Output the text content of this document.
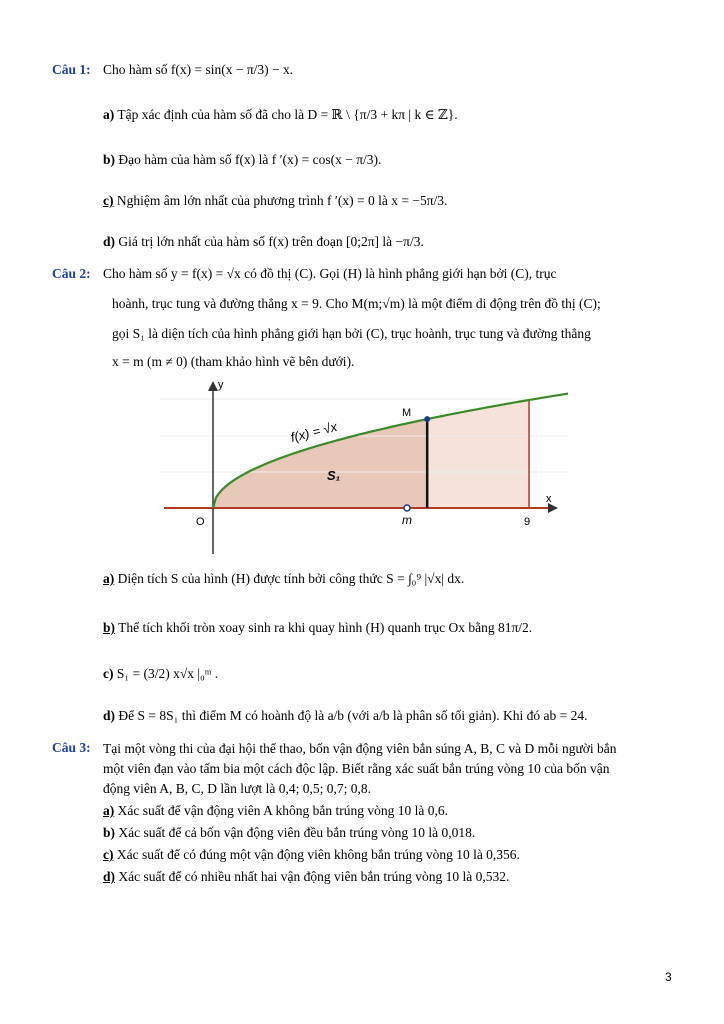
Câu 1: Cho hàm số f(x) = sin(x − π/3) − x.
a) Tập xác định của hàm số đã cho là D = ℝ \ {π/3 + kπ | k ∈ ℤ}.
b) Đạo hàm của hàm số f(x) là f ′(x) = cos(x − π/3).
c) Nghiệm âm lớn nhất của phương trình f ′(x) = 0 là x = −5π/3.
d) Giá trị lớn nhất của hàm số f(x) trên đoạn [0;2π] là −π/3.
Câu 2: Cho hàm số y = f(x) = √x có đồ thị (C). Gọi (H) là hình phẳng giới hạn bởi (C), trục
hoành, trục tung và đường thẳng x = 9. Cho M(m;√m) là một điểm di động trên đồ thị (C);
gọi S₁ là diện tích của hình phẳng giới hạn bởi (C), trục hoành, trục tung và đường thẳng
x = m (m ≠ 0) (tham khảo hình vẽ bên dưới).
y
x
O	m	9
M
f(x) = √x
S₁
a) Diện tích S của hình (H) được tính bởi công thức S = ∫₀⁹ |√x| dx.
b) Thể tích khối tròn xoay sinh ra khi quay hình (H) quanh trục Ox bằng 81π/2.
c) S₁ = (3/2) x√x |₀ᵐ .
d) Để S = 8S₁ thì điểm M có hoành độ là a/b (với a/b là phân số tối giản). Khi đó ab = 24.
Câu 3: Tại một vòng thi của đại hội thể thao, bốn vận động viên bắn súng A, B, C và D mỗi người bắn
một viên đạn vào tấm bia một cách độc lập. Biết rằng xác suất bắn trúng vòng 10 của bốn vận
động viên A, B, C, D lần lượt là 0,4; 0,5; 0,7; 0,8.
a) Xác suất để vận động viên A không bắn trúng vòng 10 là 0,6.
b) Xác suất để cả bốn vận động viên đều bắn trúng vòng 10 là 0,018.
c) Xác suất để có đúng một vận động viên không bắn trúng vòng 10 là 0,356.
d) Xác suất để có nhiều nhất hai vận động viên bắn trúng vòng 10 là 0,532.
3
